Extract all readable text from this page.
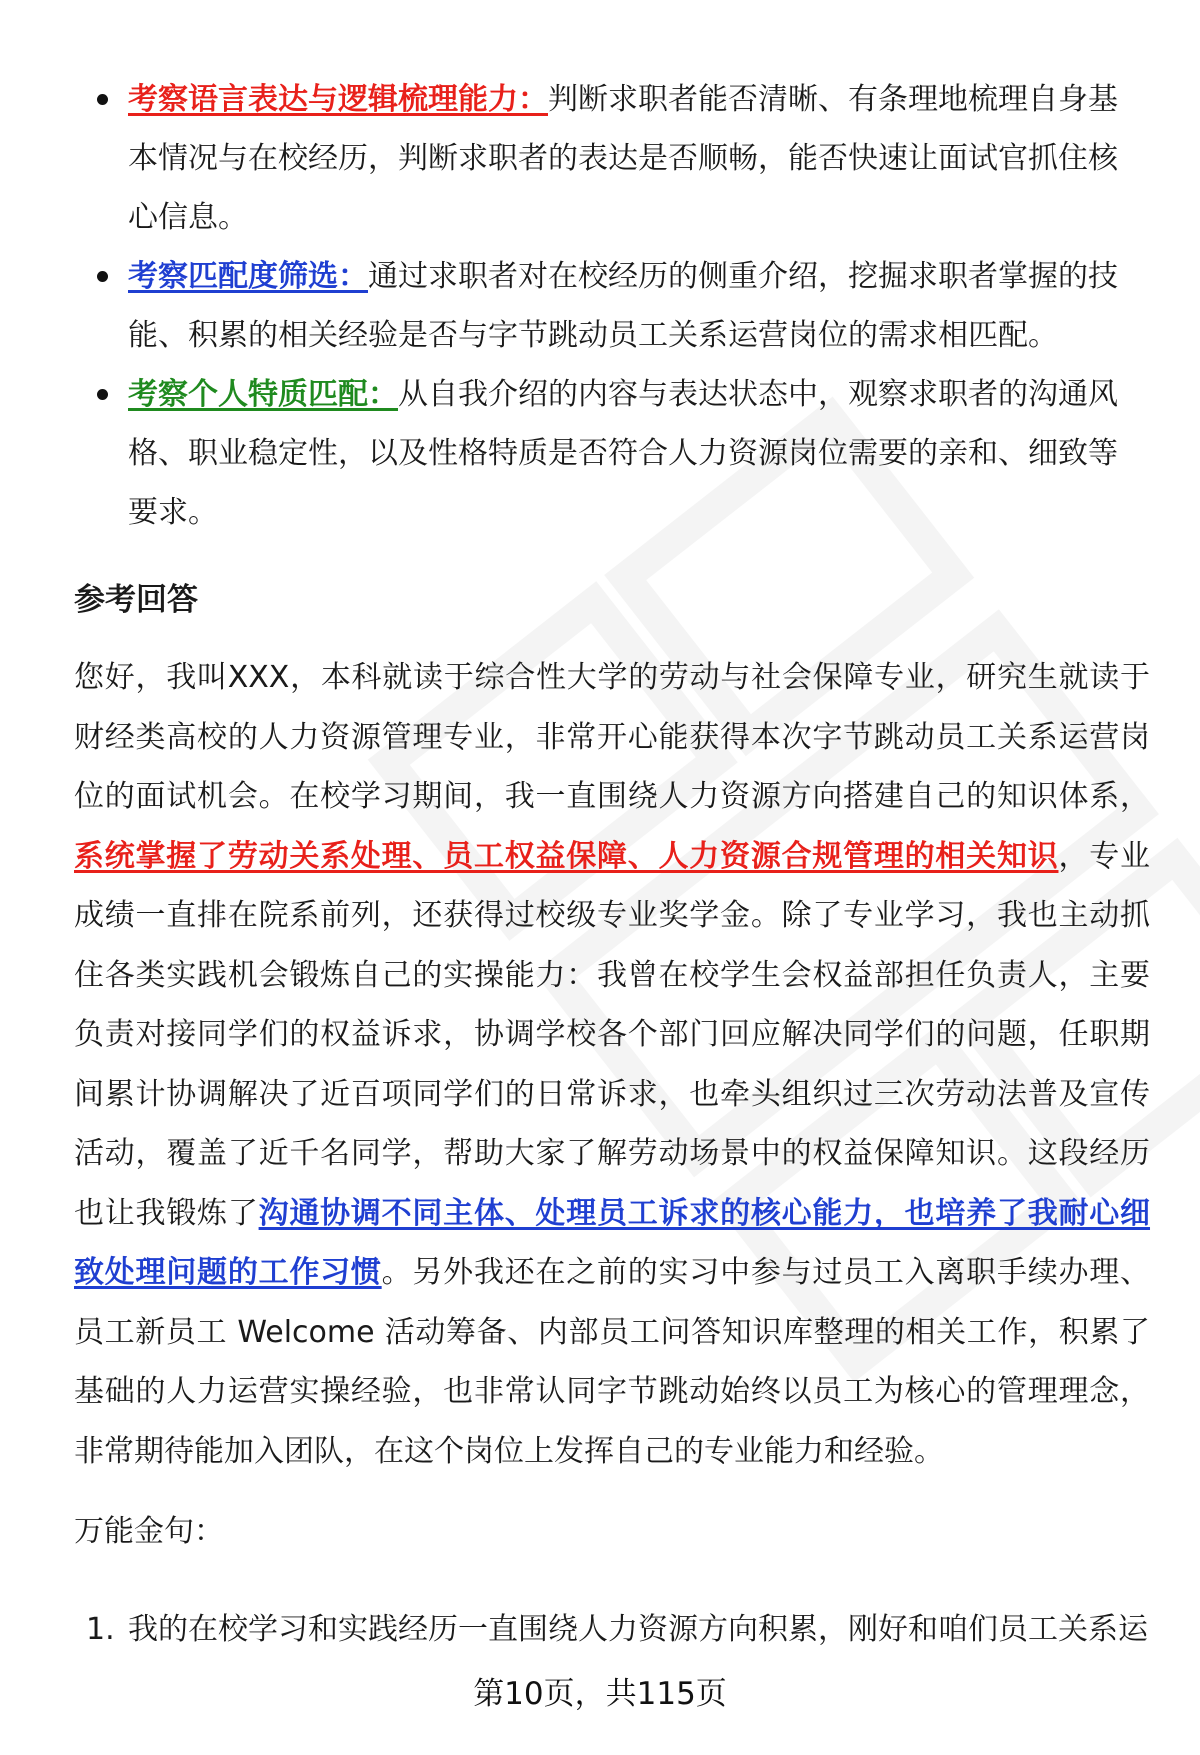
考察语言表达与逻辑梳理能力：判断求职者能否清晰、有条理地梳理自身基本情况与在校经历，判断求职者的表达是否顺畅，能否快速让面试官抓住核心信息。
考察匹配度筛选：通过求职者对在校经历的侧重介绍，挖掘求职者掌握的技能、积累的相关经验是否与字节跳动员工关系运营岗位的需求相匹配。
考察个人特质匹配：从自我介绍的内容与表达状态中，观察求职者的沟通风格、职业稳定性，以及性格特质是否符合人力资源岗位需要的亲和、细致等要求。
参考回答
您好，我叫XXX，本科就读于综合性大学的劳动与社会保障专业，研究生就读于财经类高校的人力资源管理专业，非常开心能获得本次字节跳动员工关系运营岗位的面试机会。在校学习期间，我一直围绕人力资源方向搭建自己的知识体系，系统掌握了劳动关系处理、员工权益保障、人力资源合规管理的相关知识，专业成绩一直排在院系前列，还获得过校级专业奖学金。除了专业学习，我也主动抓住各类实践机会锻炼自己的实操能力：我曾在校学生会权益部担任负责人，主要负责对接同学们的权益诉求，协调学校各个部门回应解决同学们的问题，任职期间累计协调解决了近百项同学们的日常诉求，也牵头组织过三次劳动法普及宣传活动，覆盖了近千名同学，帮助大家了解劳动场景中的权益保障知识。这段经历也让我锻炼了沟通协调不同主体、处理员工诉求的核心能力，也培养了我耐心细致处理问题的工作习惯。另外我还在之前的实习中参与过员工入离职手续办理、员工新员工 Welcome 活动筹备、内部员工问答知识库整理的相关工作，积累了基础的人力运营实操经验，也非常认同字节跳动始终以员工为核心的管理理念，非常期待能加入团队，在这个岗位上发挥自己的专业能力和经验。
万能金句：
1. 我的在校学习和实践经历一直围绕人力资源方向积累，刚好和咱们员工关系运
第10页，共115页
